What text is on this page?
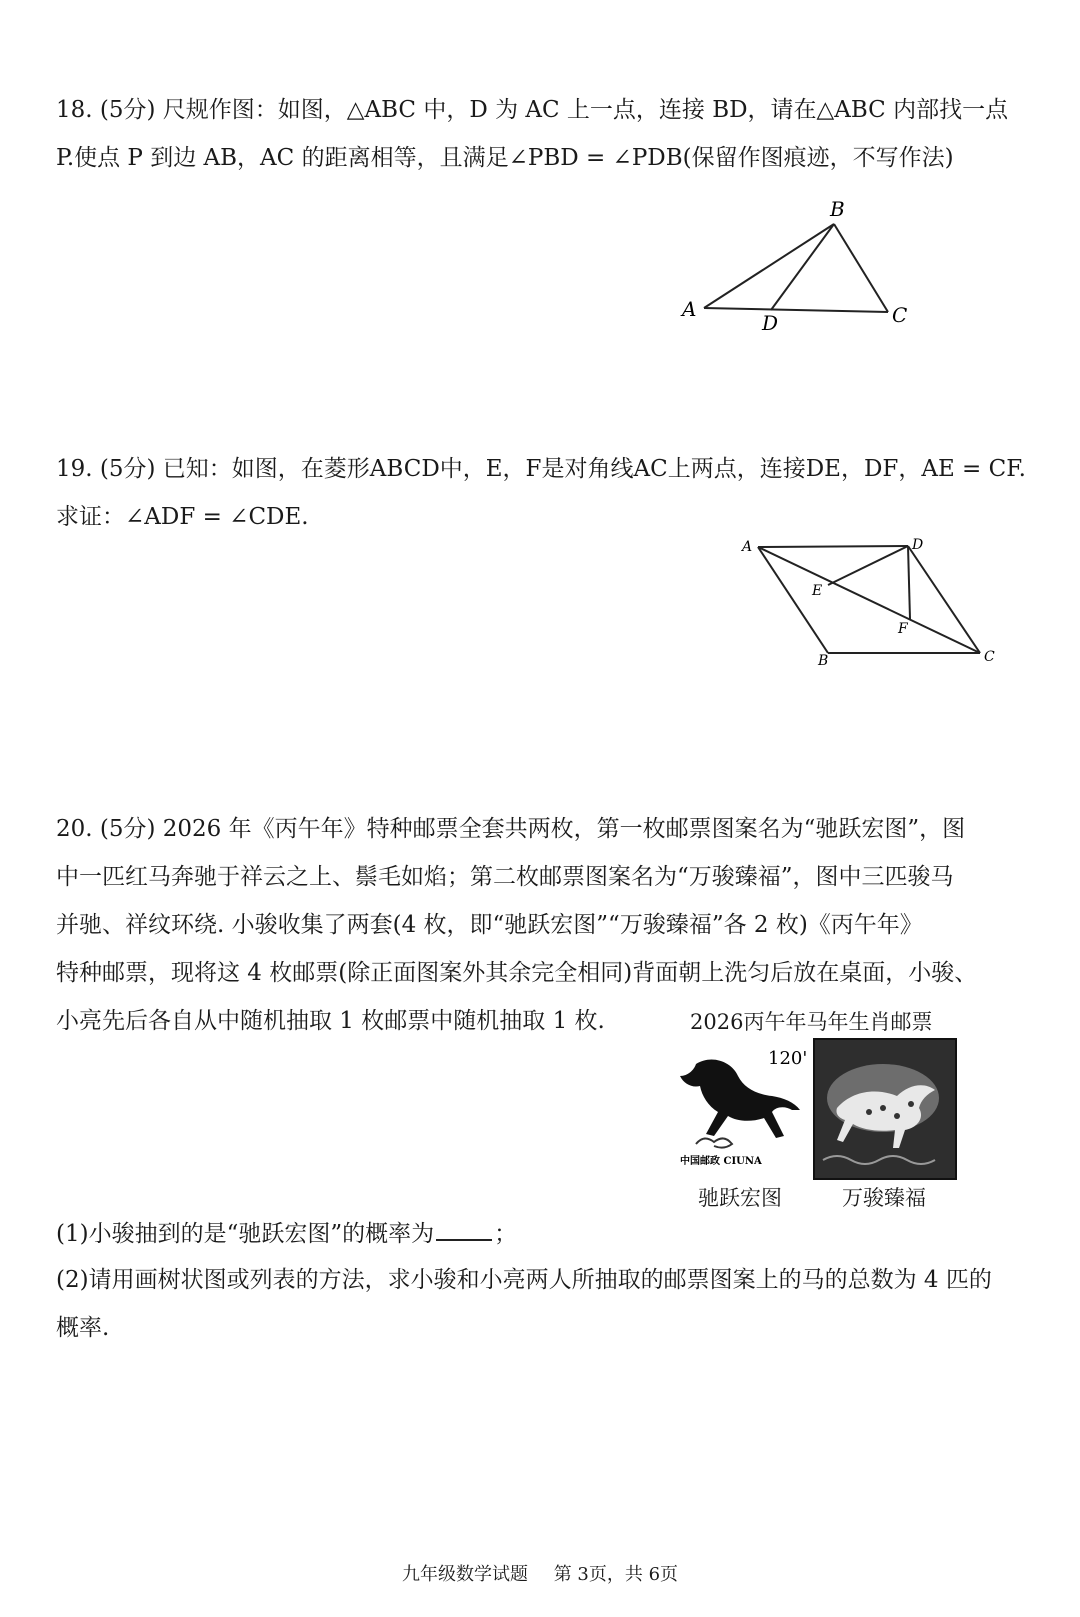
18. (5分) 尺规作图：如图，△ABC 中，D 为 AC 上一点，连接 BD，请在△ABC 内部找一点
P.使点 P 到边 AB，AC 的距离相等，且满足∠PBD = ∠PDB(保留作图痕迹，不写作法)
A
B
C
D
19. (5分) 已知：如图，在菱形ABCD中，E，F是对角线AC上两点，连接DE，DF，AE = CF.
求证：∠ADF = ∠CDE.
A	D
E
F
B	C
20. (5分) 2026 年《丙午年》特种邮票全套共两枚，第一枚邮票图案名为“驰跃宏图”，图
中一匹红马奔驰于祥云之上、鬃毛如焰；第二枚邮票图案名为“万骏臻福”，图中三匹骏马
并驰、祥纹环绕. 小骏收集了两套(4 枚，即“驰跃宏图”“万骏臻福”各 2 枚)《丙午年》
特种邮票，现将这 4 枚邮票(除正面图案外其余完全相同)背面朝上洗匀后放在桌面，小骏、
小亮先后各自从中随机抽取 1 枚邮票中随机抽取 1 枚.	2026丙午年马年生肖邮票
120'
中国邮政 CIUNA
驰跃宏图	万骏臻福
(1)小骏抽到的是“驰跃宏图”的概率为	；
(2)请用画树状图或列表的方法，求小骏和小亮两人所抽取的邮票图案上的马的总数为 4 匹的
概率.
九年级数学试题 第 3页，共 6页
